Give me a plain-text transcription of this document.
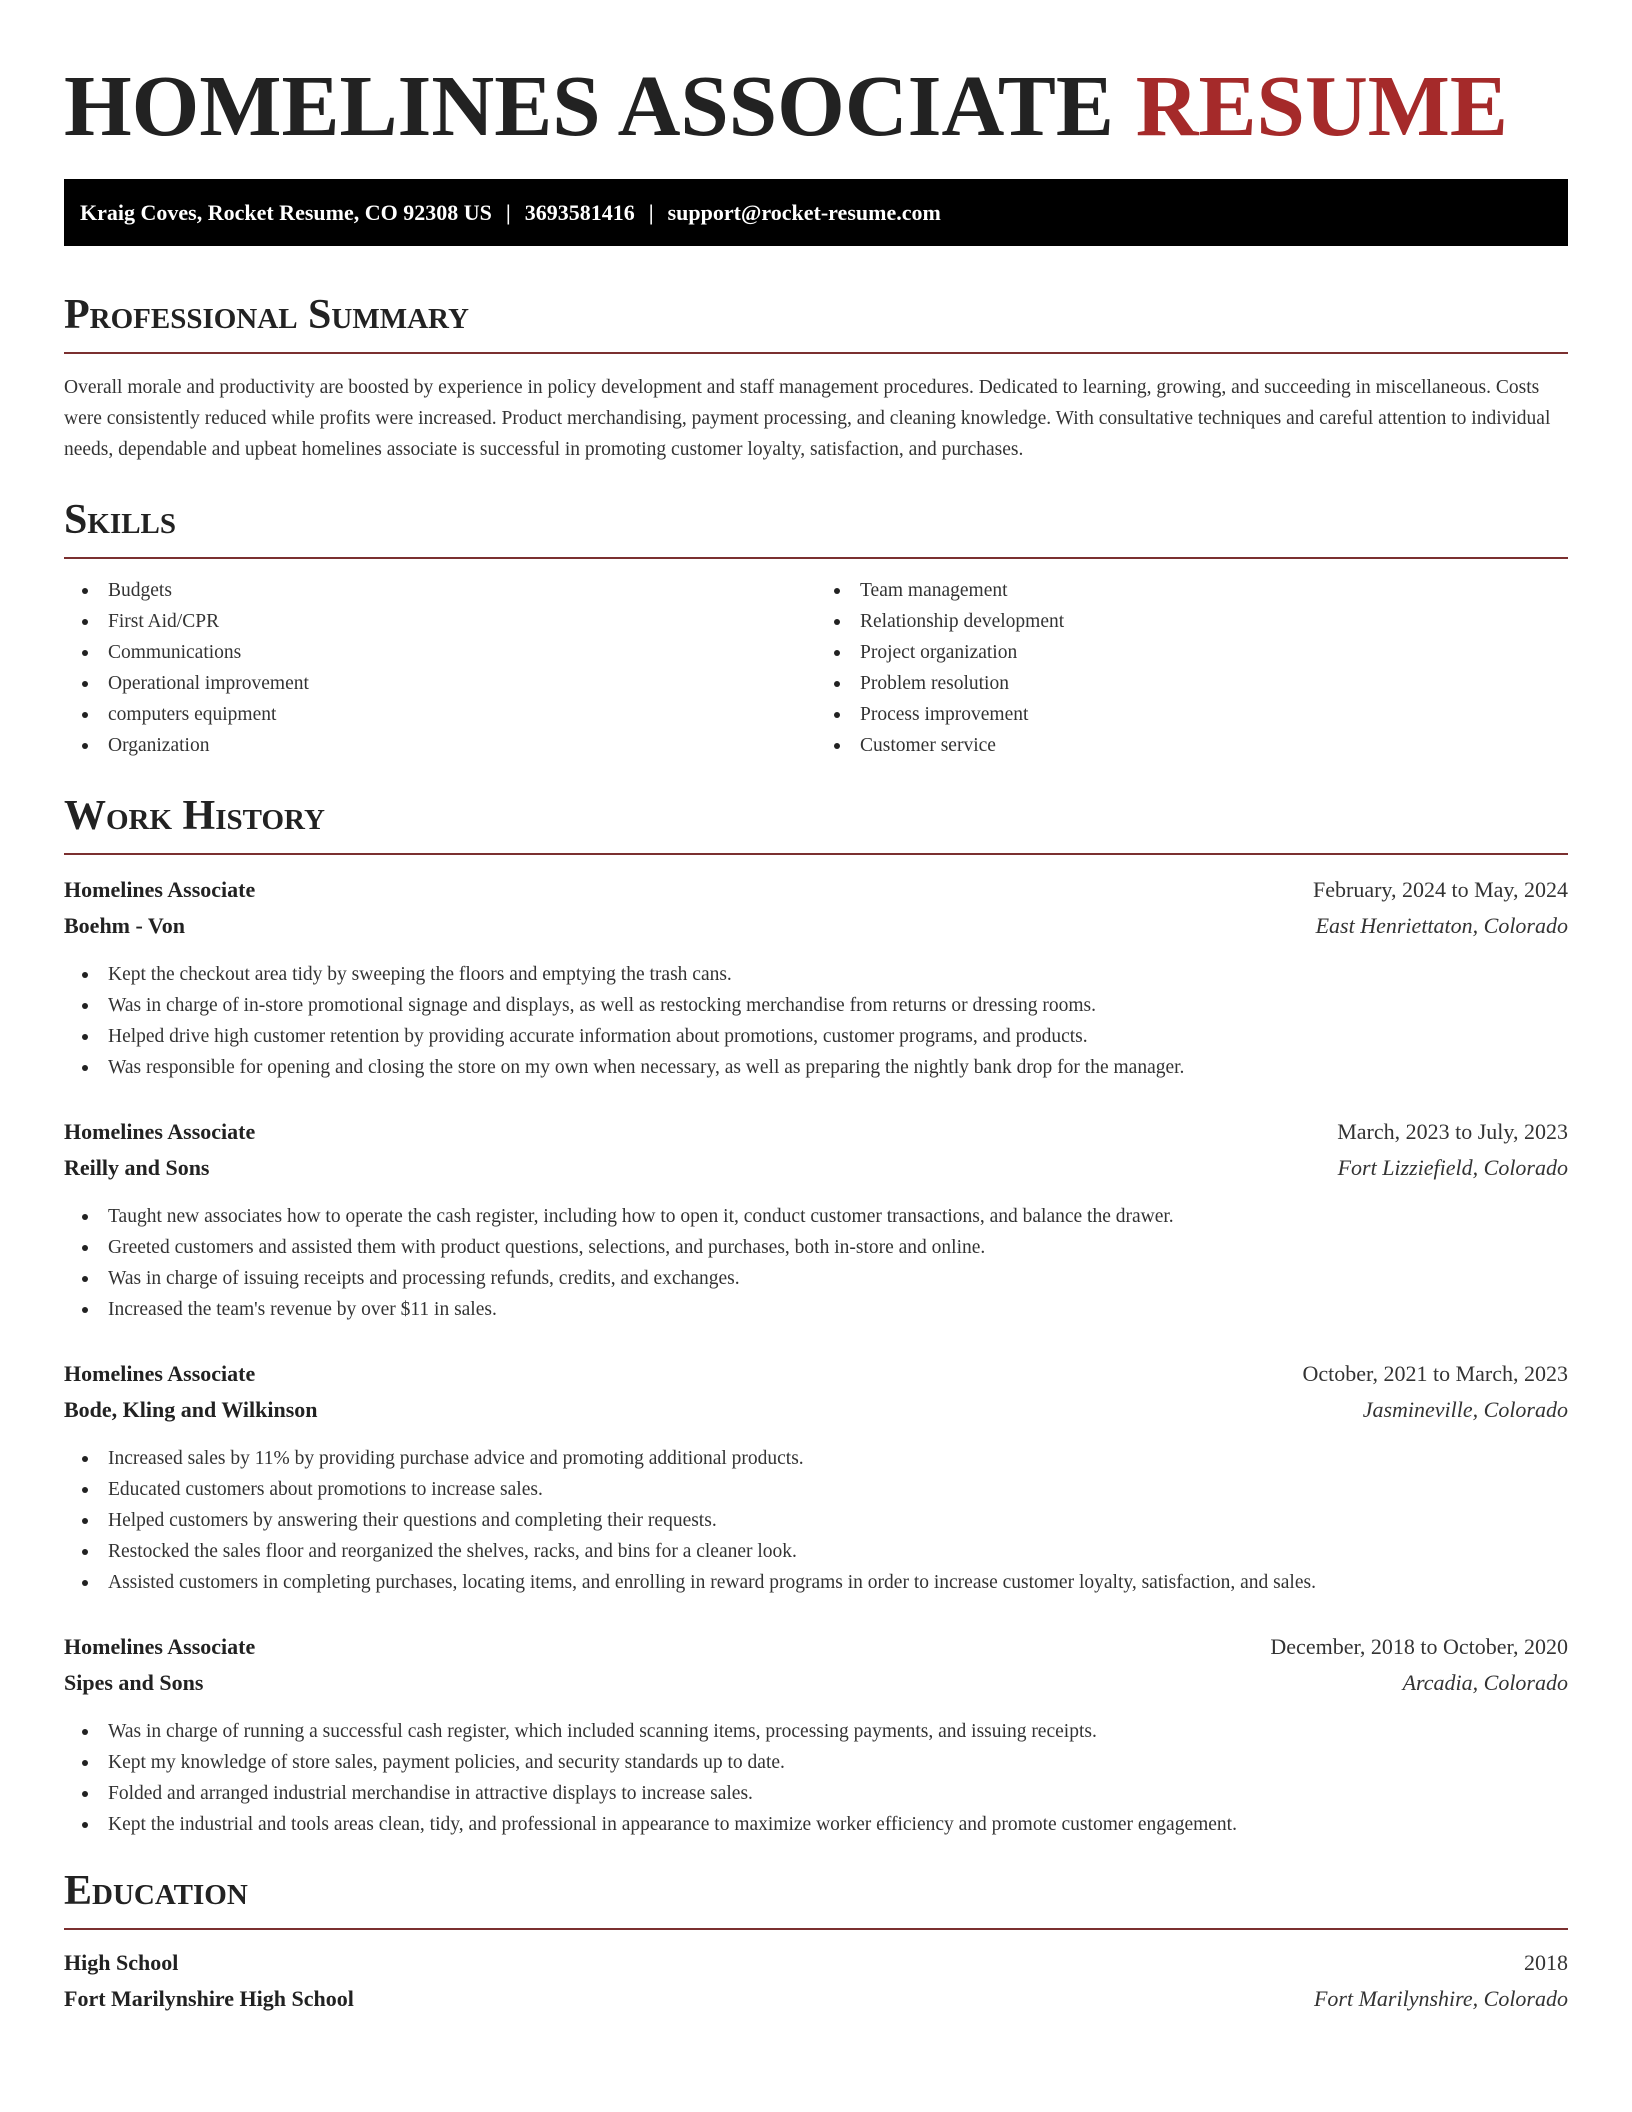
HOMELINES ASSOCIATE RESUME
Kraig Coves, Rocket Resume, CO 92308 US | 3693581416 | support@rocket-resume.com
Professional Summary

Overall morale and productivity are boosted by experience in policy development and staff management procedures. Dedicated to learning, growing, and succeeding in miscellaneous. Costs were consistently reduced while profits were increased. Product merchandising, payment processing, and cleaning knowledge. With consultative techniques and careful attention to individual needs, dependable and upbeat homelines associate is successful in promoting customer loyalty, satisfaction, and purchases.

Skills
Budgets
First Aid/CPR
Communications
Operational improvement
computers equipment
Organization
Team management
Relationship development
Project organization
Problem resolution
Process improvement
Customer service
Work History
Homelines Associate	February, 2024 to May, 2024
Boehm - Von	East Henriettaton, Colorado
Kept the checkout area tidy by sweeping the floors and emptying the trash cans.
Was in charge of in-store promotional signage and displays, as well as restocking merchandise from returns or dressing rooms.
Helped drive high customer retention by providing accurate information about promotions, customer programs, and products.
Was responsible for opening and closing the store on my own when necessary, as well as preparing the nightly bank drop for the manager.
Homelines Associate	March, 2023 to July, 2023
Reilly and Sons	Fort Lizziefield, Colorado
Taught new associates how to operate the cash register, including how to open it, conduct customer transactions, and balance the drawer.
Greeted customers and assisted them with product questions, selections, and purchases, both in-store and online.
Was in charge of issuing receipts and processing refunds, credits, and exchanges.
Increased the team's revenue by over $11 in sales.
Homelines Associate	October, 2021 to March, 2023
Bode, Kling and Wilkinson	Jasmineville, Colorado
Increased sales by 11% by providing purchase advice and promoting additional products.
Educated customers about promotions to increase sales.
Helped customers by answering their questions and completing their requests.
Restocked the sales floor and reorganized the shelves, racks, and bins for a cleaner look.
Assisted customers in completing purchases, locating items, and enrolling in reward programs in order to increase customer loyalty, satisfaction, and sales.
Homelines Associate	December, 2018 to October, 2020
Sipes and Sons	Arcadia, Colorado
Was in charge of running a successful cash register, which included scanning items, processing payments, and issuing receipts.
Kept my knowledge of store sales, payment policies, and security standards up to date.
Folded and arranged industrial merchandise in attractive displays to increase sales.
Kept the industrial and tools areas clean, tidy, and professional in appearance to maximize worker efficiency and promote customer engagement.
Education
High School	2018
Fort Marilynshire High School	Fort Marilynshire, Colorado
